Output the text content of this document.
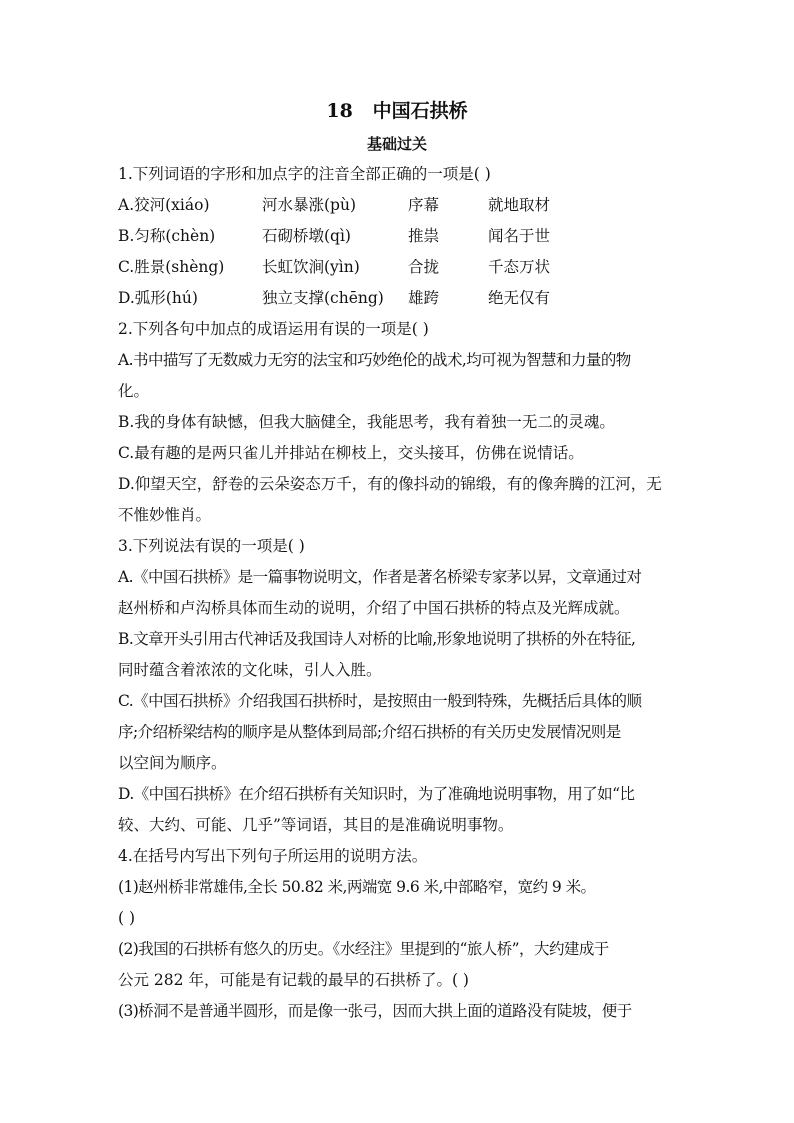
18   中国石拱桥
基础过关
1.下列词语的字形和加点字的注音全部正确的一项是( )
A.狡河(xiáo)	河水暴涨(pù)	序幕	就地取材
B.匀称(chèn)	石砌桥墩(qì)	推祟	闻名于世
C.胜景(shèng) 长虹饮涧(yìn)	合拢	千态万状
D.弧形(hú)	独立支撑(chēng) 雄跨	绝无仅有
2.下列各句中加点的成语运用有误的一项是( )
A.书中描写了无数威力无穷的法宝和巧妙绝伦的战术,均可视为智慧和力量的物
化。
B.我的身体有缺憾，但我大脑健全，我能思考，我有着独一无二的灵魂。
C.最有趣的是两只雀儿并排站在柳枝上，交头接耳，仿佛在说情话。
D.仰望天空，舒卷的云朵姿态万千，有的像抖动的锦缎，有的像奔腾的江河，无
不惟妙惟肖。
3.下列说法有误的一项是( )
A.《中国石拱桥》是一篇事物说明文，作者是著名桥梁专家茅以昇，文章通过对
赵州桥和卢沟桥具体而生动的说明，介绍了中国石拱桥的特点及光辉成就。
B.文章开头引用古代神话及我国诗人对桥的比喻,形象地说明了拱桥的外在特征,
同时蕴含着浓浓的文化味，引人入胜。
C.《中国石拱桥》介绍我国石拱桥时，是按照由一般到特殊，先概括后具体的顺
序;介绍桥梁结构的顺序是从整体到局部;介绍石拱桥的有关历史发展情况则是
以空间为顺序。
D.《中国石拱桥》在介绍石拱桥有关知识时，为了准确地说明事物，用了如“比
较、大约、可能、几乎”等词语，其目的是准确说明事物。
4.在括号内写出下列句子所运用的说明方法。
(1)赵州桥非常雄伟,全长 50.82 米,两端宽 9.6 米,中部略窄，宽约 9 米。
( )
(2)我国的石拱桥有悠久的历史。《水经注》里提到的“旅人桥”，大约建成于
公元 282 年，可能是有记载的最早的石拱桥了。( )
(3)桥洞不是普通半圆形，而是像一张弓，因而大拱上面的道路没有陡坡，便于
